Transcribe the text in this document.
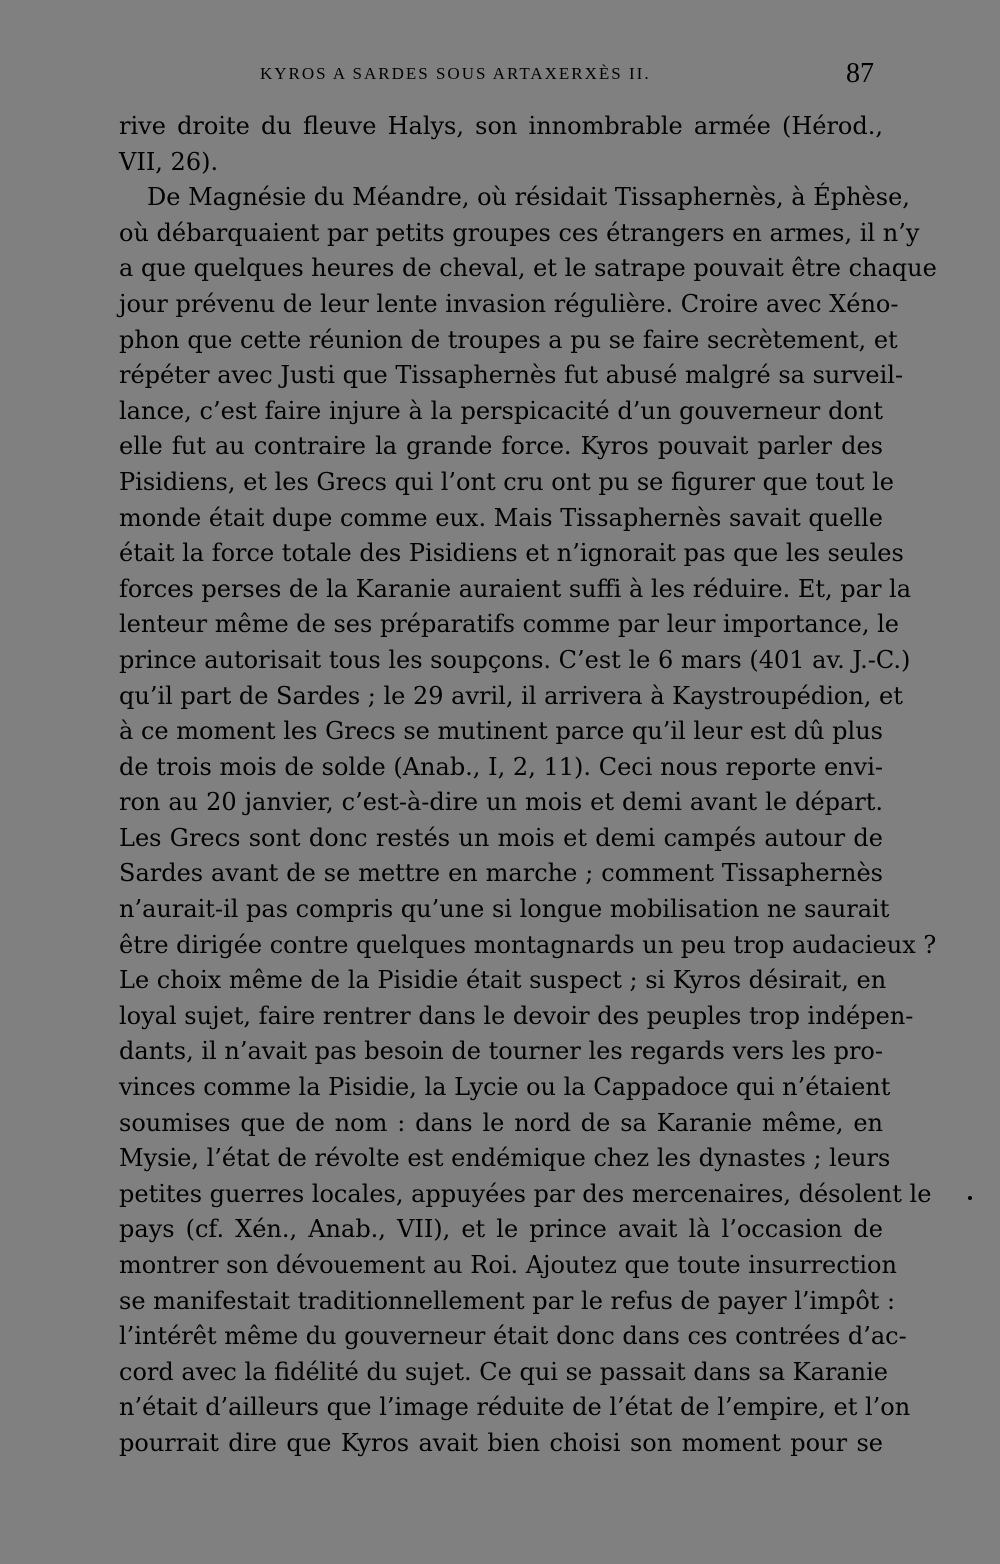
KYROS A SARDES SOUS ARTAXERXÈS II.	87
rive droite du fleuve Halys, son innombrable armée (Hérod.,
VII, 26).
De Magnésie du Méandre, où résidait Tissaphernès, à Éphèse,
où débarquaient par petits groupes ces étrangers en armes, il n’y
a que quelques heures de cheval, et le satrape pouvait être chaque
jour prévenu de leur lente invasion régulière. Croire avec Xéno-
phon que cette réunion de troupes a pu se faire secrètement, et
répéter avec Justi que Tissaphernès fut abusé malgré sa surveil-
lance, c’est faire injure à la perspicacité d’un gouverneur dont
elle fut au contraire la grande force. Kyros pouvait parler des
Pisidiens, et les Grecs qui l’ont cru ont pu se figurer que tout le
monde était dupe comme eux. Mais Tissaphernès savait quelle
était la force totale des Pisidiens et n’ignorait pas que les seules
forces perses de la Karanie auraient suffi à les réduire. Et, par la
lenteur même de ses préparatifs comme par leur importance, le
prince autorisait tous les soupçons. C’est le 6 mars (401 av. J.-C.)
qu’il part de Sardes ; le 29 avril, il arrivera à Kaystroupédion, et
à ce moment les Grecs se mutinent parce qu’il leur est dû plus
de trois mois de solde (Anab., I, 2, 11). Ceci nous reporte envi-
ron au 20 janvier, c’est-à-dire un mois et demi avant le départ.
Les Grecs sont donc restés un mois et demi campés autour de
Sardes avant de se mettre en marche ; comment Tissaphernès
n’aurait-il pas compris qu’une si longue mobilisation ne saurait
être dirigée contre quelques montagnards un peu trop audacieux ?
Le choix même de la Pisidie était suspect ; si Kyros désirait, en
loyal sujet, faire rentrer dans le devoir des peuples trop indépen-
dants, il n’avait pas besoin de tourner les regards vers les pro-
vinces comme la Pisidie, la Lycie ou la Cappadoce qui n’étaient
soumises que de nom : dans le nord de sa Karanie même, en
Mysie, l’état de révolte est endémique chez les dynastes ; leurs
petites guerres locales, appuyées par des mercenaires, désolent le
pays (cf. Xén., Anab., VII), et le prince avait là l’occasion de
montrer son dévouement au Roi. Ajoutez que toute insurrection
se manifestait traditionnellement par le refus de payer l’impôt :
l’intérêt même du gouverneur était donc dans ces contrées d’ac-
cord avec la fidélité du sujet. Ce qui se passait dans sa Karanie
n’était d’ailleurs que l’image réduite de l’état de l’empire, et l’on
pourrait dire que Kyros avait bien choisi son moment pour se
